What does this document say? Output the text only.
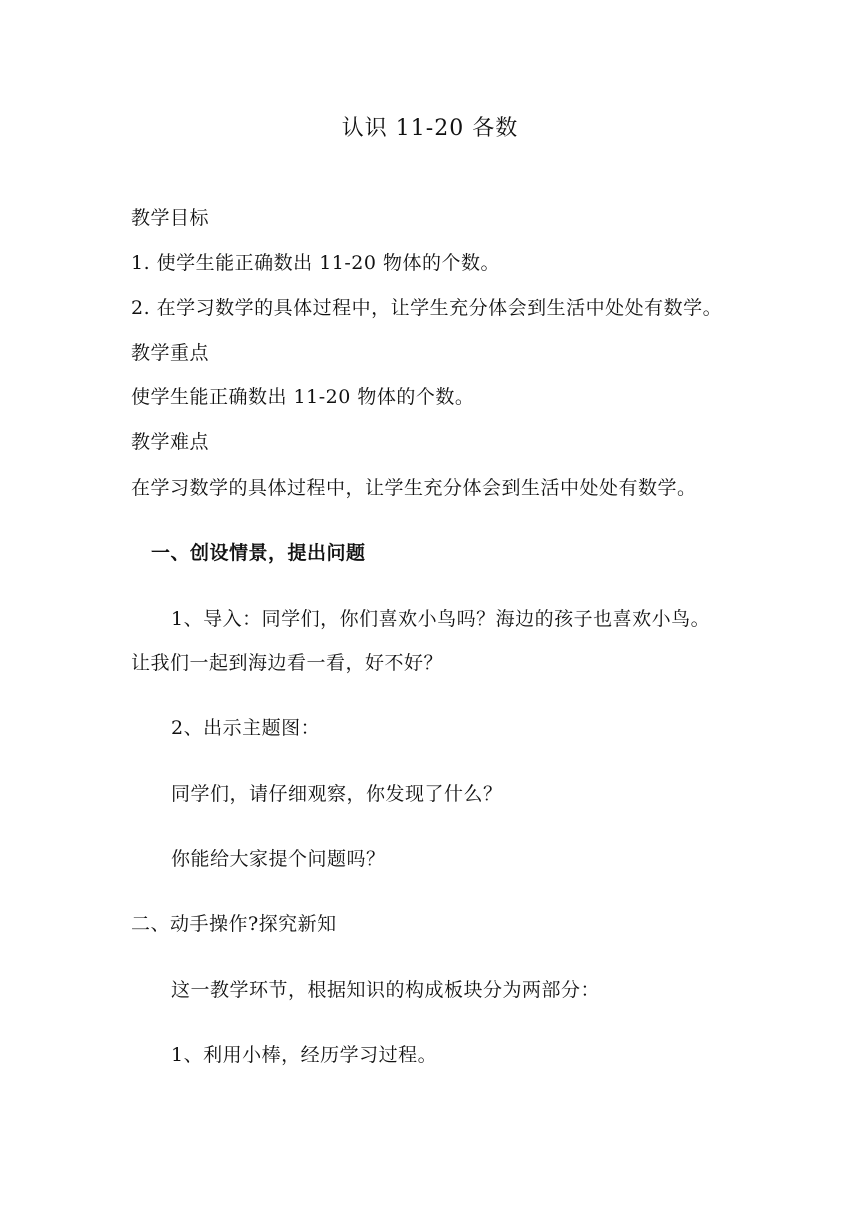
认识 11-20 各数
教学目标
1. 使学生能正确数出 11-20 物体的个数。
2. 在学习数学的具体过程中，让学生充分体会到生活中处处有数学。
教学重点
使学生能正确数出 11-20 物体的个数。
教学难点
在学习数学的具体过程中，让学生充分体会到生活中处处有数学。
一、创设情景，提出问题
1、导入：同学们，你们喜欢小鸟吗？海边的孩子也喜欢小鸟。
让我们一起到海边看一看，好不好？
2、出示主题图：
同学们，请仔细观察，你发现了什么？
你能给大家提个问题吗？
二、动手操作?探究新知
这一教学环节，根据知识的构成板块分为两部分：
1、利用小棒，经历学习过程。
